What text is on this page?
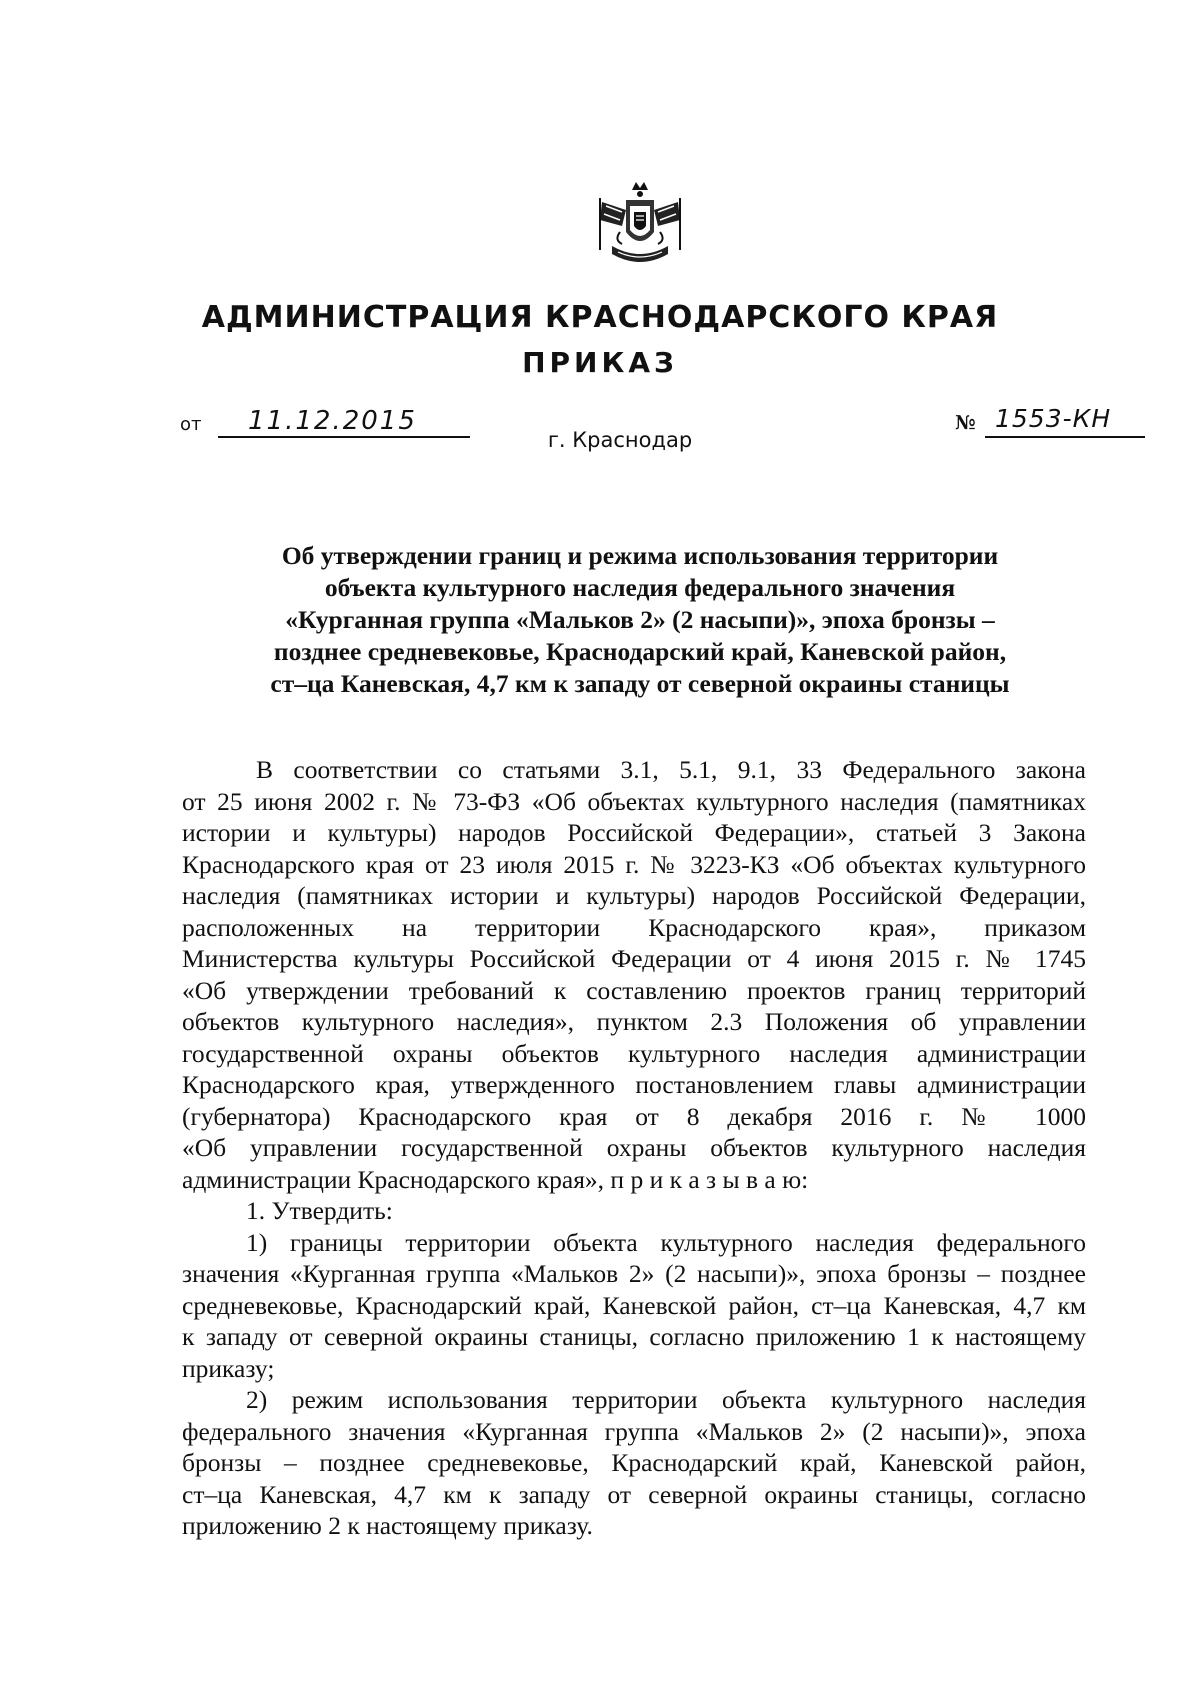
АДМИНИСТРАЦИЯ КРАСНОДАРСКОГО КРАЯ
ПРИКАЗ
от	11.12.2015
г. Краснодар
№ 1553-КН
Об утверждении границ и режима использования территории
объекта культурного наследия федерального значения
«Курганная группа «Мальков 2» (2 насыпи)», эпоха бронзы –
позднее средневековье, Краснодарский край, Каневской район,
ст–ца Каневская, 4,7 км к западу от северной окраины станицы
В соответствии со статьями 3.1, 5.1, 9.1, 33 Федерального закона
от 25 июня 2002 г. № 73-ФЗ «Об объектах культурного наследия (памятниках
истории и культуры) народов Российской Федерации», статьей 3 Закона
Краснодарского края от 23 июля 2015 г. № 3223-КЗ «Об объектах культурного
наследия (памятниках истории и культуры) народов Российской Федерации,
расположенных на территории Краснодарского края», приказом
Министерства культуры Российской Федерации от 4 июня 2015 г. № 1745
«Об утверждении требований к составлению проектов границ территорий
объектов культурного наследия», пунктом 2.3 Положения об управлении
государственной охраны объектов культурного наследия администрации
Краснодарского края, утвержденного постановлением главы администрации
(губернатора) Краснодарского края от 8 декабря 2016 г. № 1000
«Об управлении государственной охраны объектов культурного наследия
администрации Краснодарского края», п р и к а з ы в а ю:
1. Утвердить:
1) границы территории объекта культурного наследия федерального
значения «Курганная группа «Мальков 2» (2 насыпи)», эпоха бронзы – позднее
средневековье, Краснодарский край, Каневской район, ст–ца Каневская, 4,7 км
к западу от северной окраины станицы, согласно приложению 1 к настоящему
приказу;
2) режим использования территории объекта культурного наследия
федерального значения «Курганная группа «Мальков 2» (2 насыпи)», эпоха
бронзы – позднее средневековье, Краснодарский край, Каневской район,
ст–ца Каневская, 4,7 км к западу от северной окраины станицы, согласно
приложению 2 к настоящему приказу.
